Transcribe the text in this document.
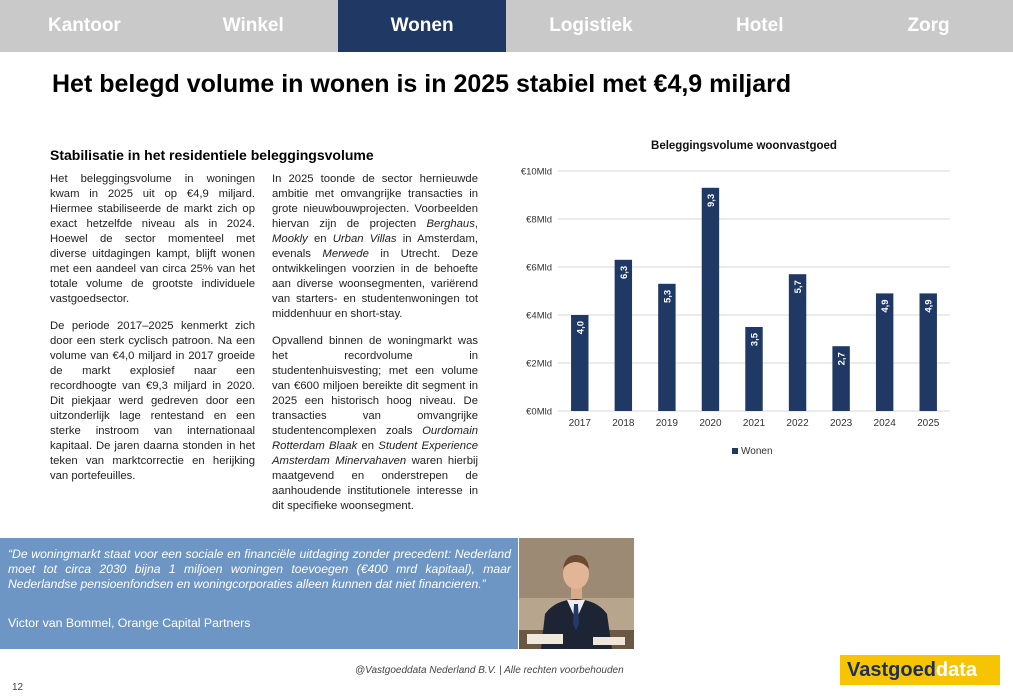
Kantoor	Winkel	Wonen	Logistiek	Hotel	Zorg
Het belegd volume in wonen is in 2025 stabiel met €4,9 miljard
Stabilisatie in het residentiele beleggingsvolume

Het beleggingsvolume in woningen kwam in 2025 uit op €4,9 miljard. Hiermee stabiliseerde de markt zich op exact hetzelfde niveau als in 2024. Hoewel de sector momenteel met diverse uitdagingen kampt, blijft wonen met een aandeel van circa 25% van het totale volume de grootste individuele vastgoedsector.

De periode 2017–2025 kenmerkt zich door een sterk cyclisch patroon. Na een volume van €4,0 miljard in 2017 groeide de markt explosief naar een recordhoogte van €9,3 miljard in 2020. Dit piekjaar werd gedreven door een uitzonderlijk lage rentestand en een sterke instroom van internationaal kapitaal. De jaren daarna stonden in het teken van marktcorrectie en herijking van portefeuilles.

In 2025 toonde de sector hernieuwde ambitie met omvangrijke transacties in grote nieuwbouwprojecten. Voorbeelden hiervan zijn de projecten Berghaus, Mookly en Urban Villas in Amsterdam, evenals Merwede in Utrecht. Deze ontwikkelingen voorzien in de behoefte aan diverse woonsegmenten, variërend van starters- en studentenwoningen tot middenhuur en short-stay.

Opvallend binnen de woningmarkt was het recordvolume in studentenhuisvesting; met een volume van €600 miljoen bereikte dit segment in 2025 een historisch hoog niveau. De transacties van omvangrijke studentencomplexen zoals Ourdomain Rotterdam Blaak en Student Experience Amsterdam Minervahaven waren hierbij maatgevend en onderstrepen de aanhoudende institutionele interesse in dit specifieke woonsegment.

Beleggingsvolume woonvastgoed
€0Mld
€2Mld
€4Mld
€6Mld
€8Mld
€10Mld
4,0
2017
6,3
2018
5,3
2019
9,3
2020
3,5
2021
5,7
2022
2,7
2023
4,9
2024
4,9
2025
Wonen
“De woningmarkt staat voor een sociale en financiële uitdaging zonder precedent: Nederland moet tot circa 2030 bijna 1 miljoen woningen toevoegen (€400 mrd kapitaal), maar Nederlandse pensioenfondsen en woningcorporaties alleen kunnen dat niet financieren.”
Victor van Bommel, Orange Capital Partners
@Vastgoeddata Nederland B.V. | Alle rechten voorbehouden
12
Vastgoed data
